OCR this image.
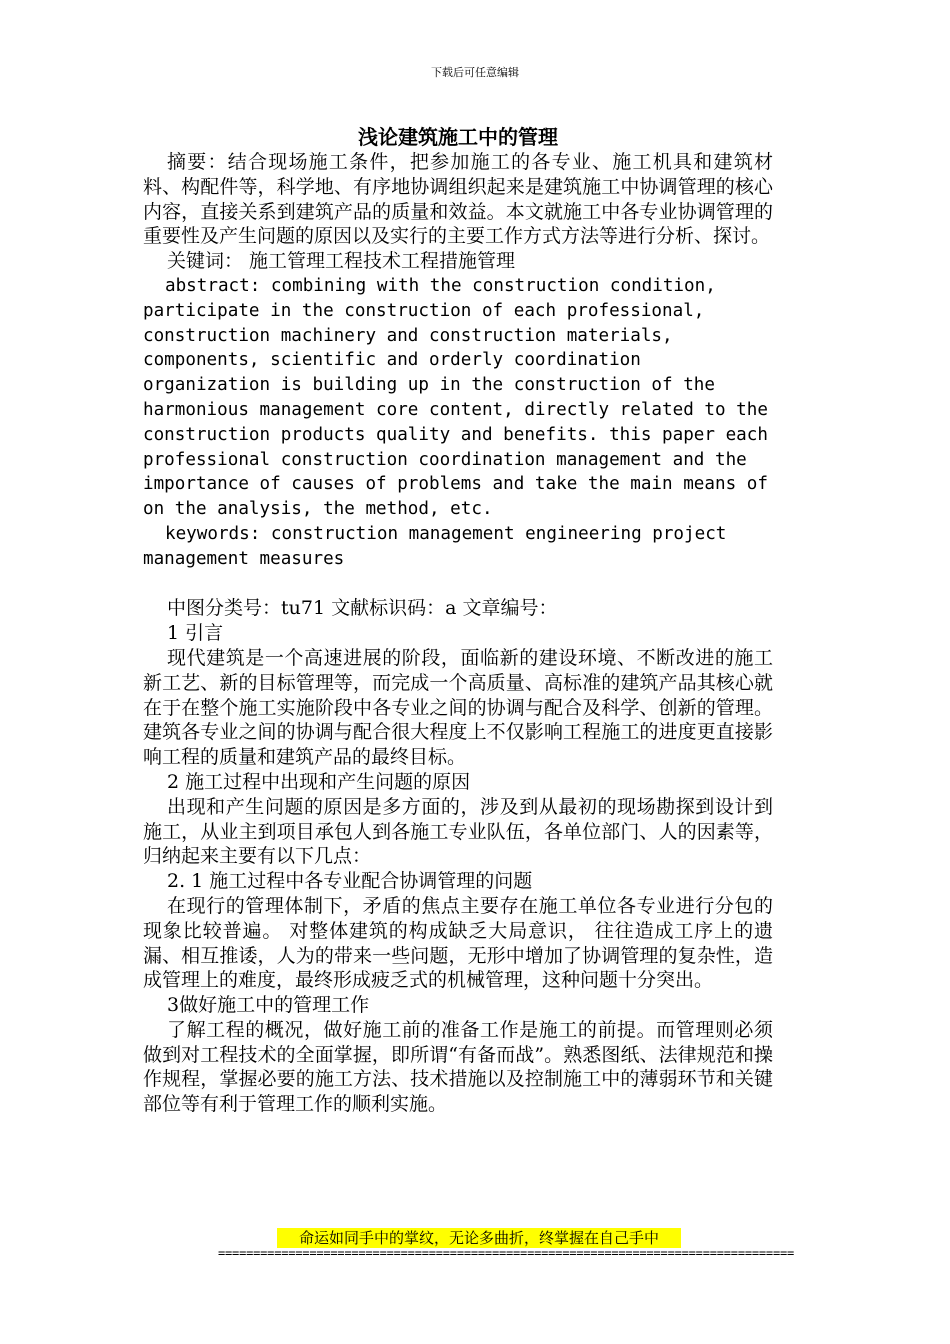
下载后可任意编辑
浅论建筑施工中的管理

摘要：结合现场施工条件，把参加施工的各专业、施工机具和建筑材料、构配件等，科学地、有序地协调组织起来是建筑施工中协调管理的核心内容，直接关系到建筑产品的质量和效益。本文就施工中各专业协调管理的重要性及产生问题的原因以及实行的主要工作方式方法等进行分析、探讨。

关键词： 施工管理工程技术工程措施管理

abstract: combining with the construction condition, participate in the construction of each professional, construction machinery and construction materials, components, scientific and orderly coordination organization is building up in the construction of the harmonious management core content, directly related to the construction products quality and benefits. this paper each professional construction coordination management and the importance of causes of problems and take the main means of on the analysis, the method, etc.

keywords: construction management engineering project management measures

中图分类号：tu71 文献标识码：a 文章编号：

1 引言

现代建筑是一个高速进展的阶段，面临新的建设环境、不断改进的施工新工艺、新的目标管理等，而完成一个高质量、高标准的建筑产品其核心就在于在整个施工实施阶段中各专业之间的协调与配合及科学、创新的管理。建筑各专业之间的协调与配合很大程度上不仅影响工程施工的进度更直接影响工程的质量和建筑产品的最终目标。

2 施工过程中出现和产生问题的原因

出现和产生问题的原因是多方面的，涉及到从最初的现场勘探到设计到施工，从业主到项目承包人到各施工专业队伍，各单位部门、人的因素等，归纳起来主要有以下几点：

2. 1 施工过程中各专业配合协调管理的问题

在现行的管理体制下，矛盾的焦点主要存在施工单位各专业进行分包的现象比较普遍。 对整体建筑的构成缺乏大局意识， 往往造成工序上的遗漏、相互推诿，人为的带来一些问题，无形中增加了协调管理的复杂性，造成管理上的难度，最终形成疲乏式的机械管理，这种问题十分突出。

3做好施工中的管理工作

了解工程的概况，做好施工前的准备工作是施工的前提。而管理则必须做到对工程技术的全面掌握，即所谓“有备而战”。熟悉图纸、法律规范和操作规程，掌握必要的施工方法、技术措施以及控制施工中的薄弱环节和关键部位等有利于管理工作的顺利实施。

命运如同手中的掌纹，无论多曲折，终掌握在自己手中
==================================================================================
